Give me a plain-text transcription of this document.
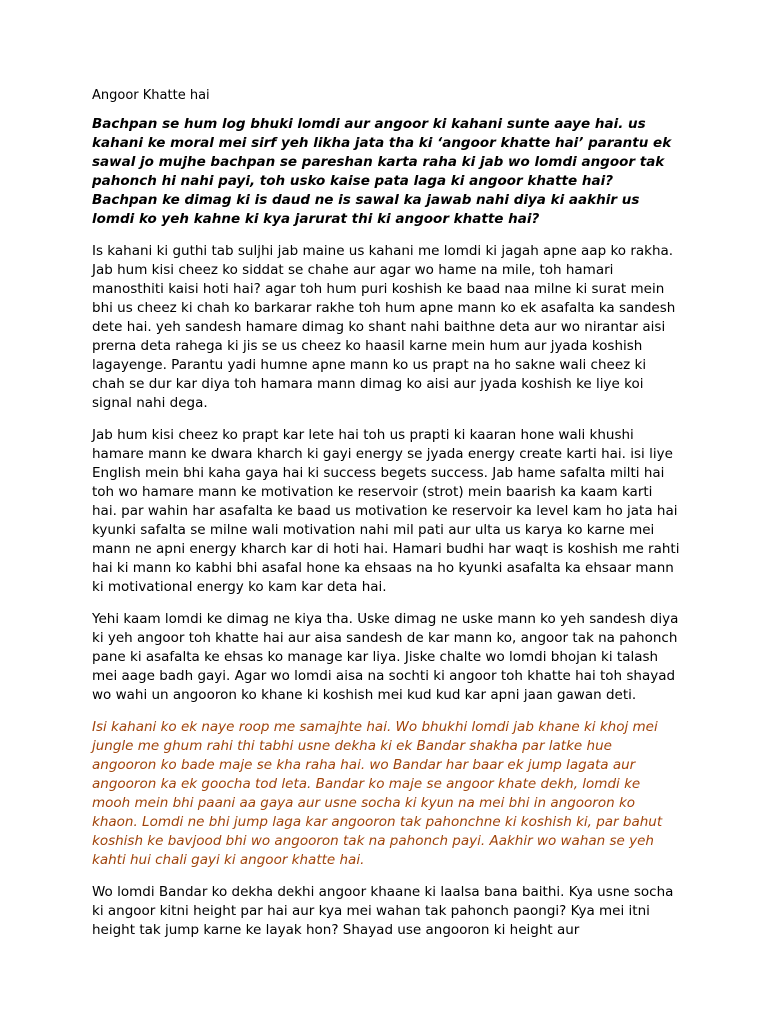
Angoor Khatte hai

Bachpan se hum log bhuki lomdi aur angoor ki kahani sunte aaye hai. us kahani ke moral mei sirf yeh likha jata tha ki ‘angoor khatte hai’ parantu ek sawal jo mujhe bachpan se pareshan karta raha ki jab wo lomdi angoor tak pahonch hi nahi payi, toh usko kaise pata laga ki angoor khatte hai? Bachpan ke dimag ki is daud ne is sawal ka jawab nahi diya ki aakhir us lomdi ko yeh kahne ki kya jarurat thi ki angoor khatte hai?

Is kahani ki guthi tab sulјhi jab maine us kahani me lomdi ki jagah apne aap ko rakha. Jab hum kisi cheez ko siddat se chahe aur agar wo hame na mile, toh hamari manosthiti kaisi hoti hai? agar toh hum puri koshish ke baad naa milne ki surat mein bhi us cheez ki chah ko barkarar rakhe toh hum apne mann ko ek asafalta ka sandesh dete hai. yeh sandesh hamare dimag ko shant nahi baithne deta aur wo nirantar aisi prerna deta rahega ki jis se us cheez ko haasil karne mein hum aur jyada koshish lagayenge. Parantu yadi humne apne mann ko us prapt na ho sakne wali cheez ki chah se dur kar diya toh hamara mann dimag ko aisi aur jyada koshish ke liye koi signal nahi dega.

Jab hum kisi cheez ko prapt kar lete hai toh us prapti ki kaaran hone wali khushi hamare mann ke dwara kharch ki gayi energy se jyada energy create karti hai. isi liye English mein bhi kaha gaya hai ki success begets success. Jab hame safalta milti hai toh wo hamare mann ke motivation ke reservoir (strot) mein baarish ka kaam karti hai. par wahin har asafalta ke baad us motivation ke reservoir ka level kam ho jata hai kyunki safalta se milne wali motivation nahi mil pati aur ulta us karya ko karne mei mann ne apni energy kharch kar di hoti hai. Hamari budhi har waqt is koshish me rahti hai ki mann ko kabhi bhi asafal hone ka ehsaas na ho kyunki asafalta ka ehsaar mann ki motivational energy ko kam kar deta hai.

Yehi kaam lomdi ke dimag ne kiya tha. Uske dimag ne uske mann ko yeh sandesh diya ki yeh angoor toh khatte hai aur aisa sandesh de kar mann ko, angoor tak na pahonch pane ki asafalta ke ehsas ko manage kar liya. Jiske chalte wo lomdi bhojan ki talash mei aage badh gayi. Agar wo lomdi aisa na sochti ki angoor toh khatte hai toh shayad wo wahi un angooron ko khane ki koshish mei kud kud kar apni jaan gawan deti.

Isi kahani ko ek naye roop me samajhte hai. Wo bhukhi lomdi jab khane ki khoj mei jungle me ghum rahi thi tabhi usne dekha ki ek Bandar shakha par latke hue angooron ko bade maje se kha raha hai. wo Bandar har baar ek jump lagata aur angooron ka ek goocha tod leta. Bandar ko maje se angoor khate dekh, lomdi ke mooh mein bhi paani aa gaya aur usne socha ki kyun na mei bhi in angooron ko khaon. Lomdi ne bhi jump laga kar angooron tak pahonchne ki koshish ki, par bahut koshish ke bavjood bhi wo angooron tak na pahonch payi. Aakhir wo wahan se yeh kahti hui chali gayi ki angoor khatte hai.

Wo lomdi Bandar ko dekha dekhi angoor khaane ki laalsa bana baithi. Kya usne socha ki angoor kitni height par hai aur kya mei wahan tak pahonch paongi? Kya mei itni height tak jump karne ke layak hon? Shayad use angooron ki height aur
